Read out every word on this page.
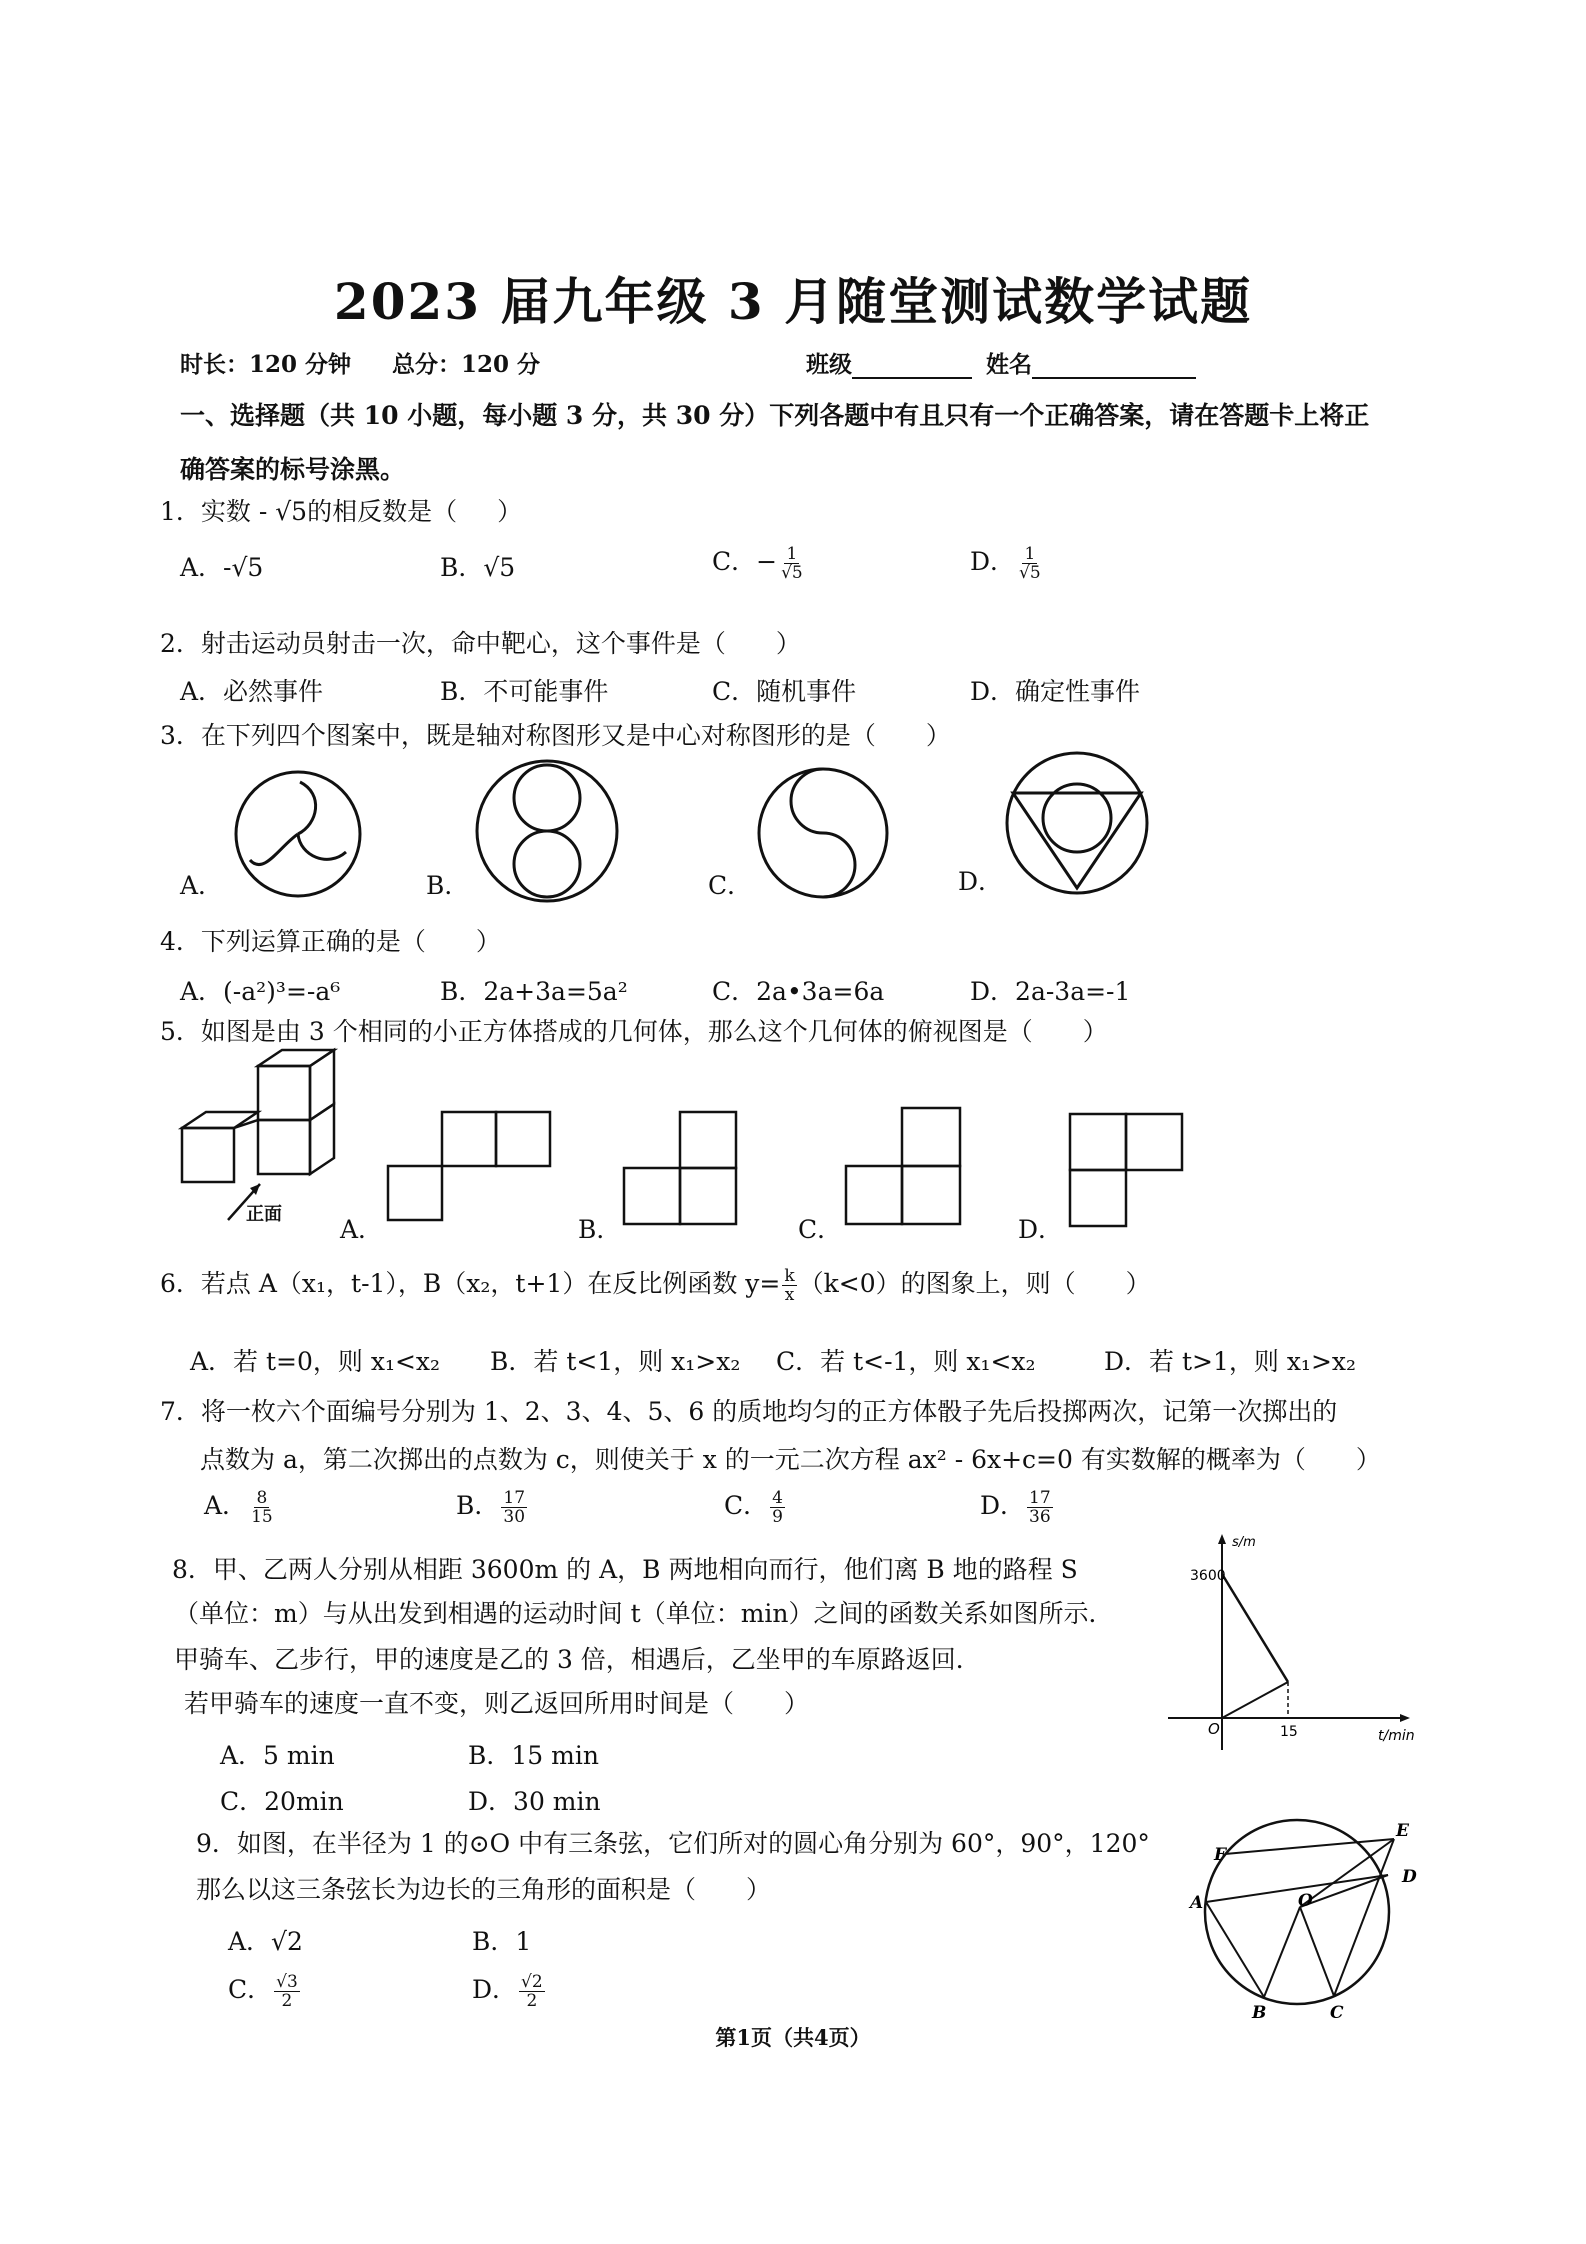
2023 届九年级 3 月随堂测试数学试题
时长：120 分钟 总分：120 分	班级	姓名
一、选择题（共 10 小题，每小题 3 分，共 30 分）下列各题中有且只有一个正确答案，请在答题卡上将正
确答案的标号涂黑。
1．实数 - √5的相反数是（ ）
A．-√5	B．√5	C．− $\frac{1}{√5}$	D． $\frac{1}{√5}$
2．射击运动员射击一次，命中靶心，这个事件是（　　）
A．必然事件	B．不可能事件	C．随机事件	D．确定性事件
3．在下列四个图案中，既是轴对称图形又是中心对称图形的是（　　）
A．	B．	C．	D．
4．下列运算正确的是（　　）
A．(-a²)³=-a⁶	B．2a+3a=5a²	C．2a•3a=6a	D．2a-3a=-1
5．如图是由 3 个相同的小正方体搭成的几何体，那么这个几何体的俯视图是（　　）
正面
A．	B．	C．	D．
6．若点 A（x₁，t-1），B（x₂，t+1）在反比例函数 $y= \frac{k}{x} (k<0)$的图象上，则（　　）
A．若 t=0，则 x₁<x₂ B．若 t<1，则 x₁>x₂ C．若 t<-1，则 x₁<x₂	D．若 t>1，则 x₁>x₂
7．将一枚六个面编号分别为 1、2、3、4、5、6 的质地均匀的正方体骰子先后投掷两次，记第一次掷出的
点数为 a，第二次掷出的点数为 c，则使关于 x 的一元二次方程 ax² - 6x+c=0 有实数解的概率为（　　）
A． $\frac{8}{15}$	B． $\frac{17}{30}$	C． $\frac{4}{9}$	D． $\frac{17}{36}$
8．甲、乙两人分别从相距 3600m 的 A，B 两地相向而行，他们离 B 地的路程 S
（单位：m）与从出发到相遇的运动时间 t（单位：min）之间的函数关系如图所示．
甲骑车、乙步行，甲的速度是乙的 3 倍，相遇后，乙坐甲的车原路返回．
若甲骑车的速度一直不变，则乙返回所用时间是（　　）
A．5 min	B．15 min
C．20min	D．30 min
3600
s/m
O	15	t/min
9．如图，在半径为 1 的⊙O 中有三条弦，它们所对的圆心角分别为 60°，90°，120°
那么以这三条弦长为边长的三角形的面积是（　　）
A．√2	B．1
C． $\frac{√3}{2}$	D． $\frac{√2}{2}$
F
E
D
A	O
B	C
第1页（共4页）
